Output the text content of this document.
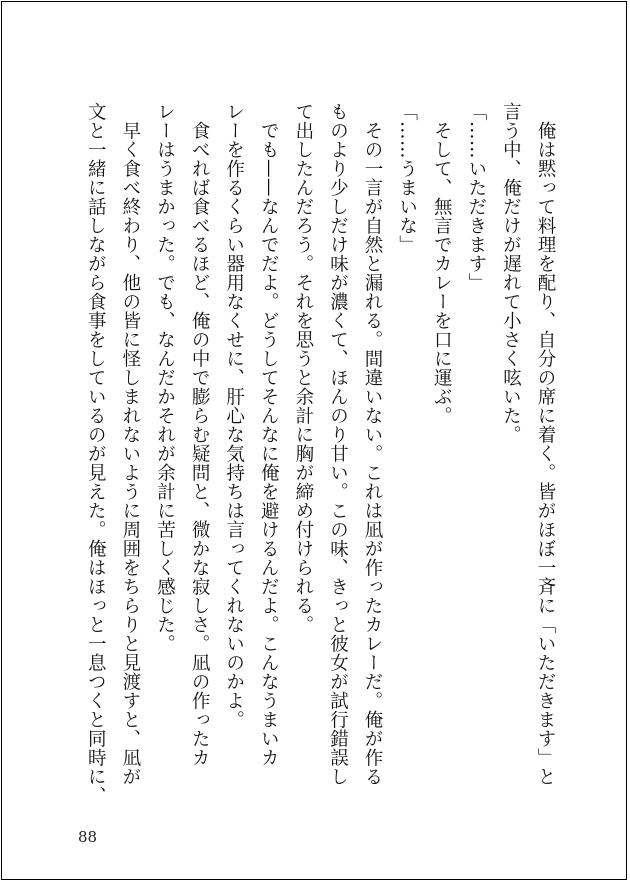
　俺は黙って料理を配り、自分の席に着く。皆がほぼ一斉に「いただきます」と
言う中、俺だけが遅れて小さく呟いた。
「……いただきます」
　そして、無言でカレーを口に運ぶ。
「……うまいな」
　その一言が自然と漏れる。間違いない。これは凪が作ったカレーだ。俺が作る
ものより少しだけ味が濃くて、ほんのり甘い。この味、きっと彼女が試行錯誤し
て出したんだろう。それを思うと余計に胸が締め付けられる。
　でも——なんでだよ。どうしてそんなに俺を避けるんだよ。こんなうまいカ
レーを作るくらい器用なくせに、肝心な気持ちは言ってくれないのかよ。
　食べれば食べるほど、俺の中で膨らむ疑問と、微かな寂しさ。凪の作ったカ
レーはうまかった。でも、なんだかそれが余計に苦しく感じた。
　早く食べ終わり、他の皆に怪しまれないように周囲をちらりと見渡すと、凪が
文と一緒に話しながら食事をしているのが見えた。俺はほっと一息つくと同時に、
88
